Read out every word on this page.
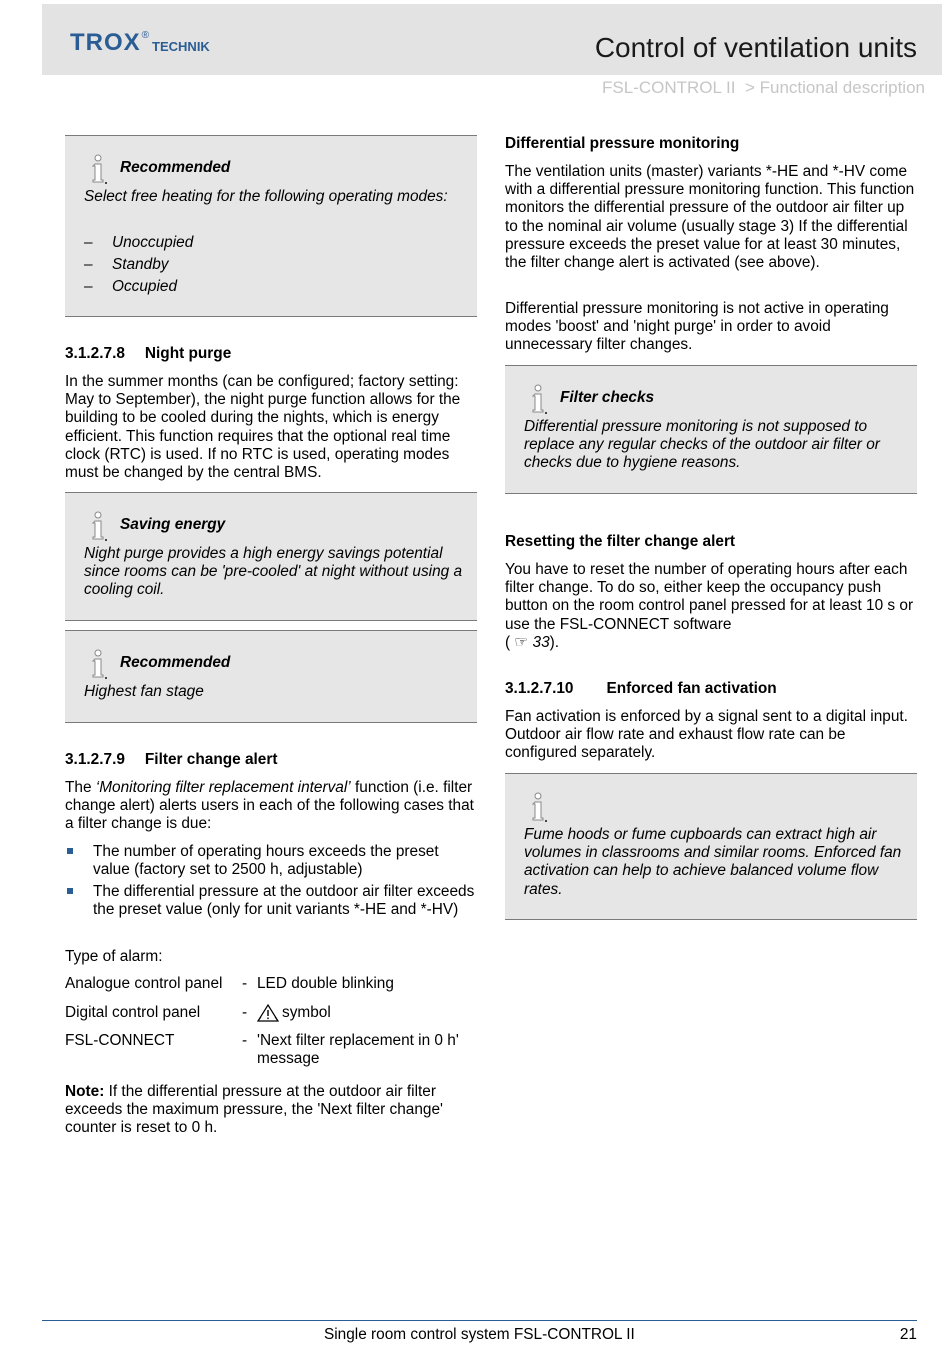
TROX ®
TECHNIK	Control of ventilation units
FSL-CONTROL II > Functional description
Recommended
Select free heating for the following operating modes:
– Unoccupied
– Standby
– Occupied
3.1.2.7.8 Night purge
In the summer months (can be configured; factory setting: May to September), the night purge function allows for the building to be cooled during the nights, which is energy efficient. This function requires that the optional real time clock (RTC) is used. If no RTC is used, operating modes must be changed by the central BMS.
Saving energy
Night purge provides a high energy savings potential since rooms can be 'pre-cooled' at night without using a cooling coil.
Recommended
Highest fan stage
3.1.2.7.9 Filter change alert
The ‘Monitoring filter replacement interval’ function (i.e. filter change alert) alerts users in each of the following cases that a filter change is due:
The number of operating hours exceeds the preset value (factory set to 2500 h, adjustable)
The differential pressure at the outdoor air filter exceeds the preset value (only for unit variants *-HE and *-HV)
Type of alarm:
Analogue control panel - LED double blinking
Digital control panel	- symbol
FSL-CONNECT	- 'Next filter replacement in 0 h' message
Note: If the differential pressure at the outdoor air filter exceeds the maximum pressure, the 'Next filter change' counter is reset to 0 h.
Differential pressure monitoring
The ventilation units (master) variants *-HE and *-HV come with a differential pressure monitoring function. This function monitors the differential pressure of the outdoor air filter up to the nominal air volume (usually stage 3) If the differential pressure exceeds the preset value for at least 30 minutes, the filter change alert is activated (see above).
Differential pressure monitoring is not active in operating modes 'boost' and 'night purge' in order to avoid unnecessary filter changes.
Filter checks
Differential pressure monitoring is not supposed to replace any regular checks of the outdoor air filter or checks due to hygiene reasons.
Resetting the filter change alert
You have to reset the number of operating hours after each filter change. To do so, either keep the occupancy push button on the room control panel pressed for at least 10 s or use the FSL-CONNECT software
( ☞ 33).
3.1.2.7.10 Enforced fan activation
Fan activation is enforced by a signal sent to a digital input. Outdoor air flow rate and exhaust flow rate can be configured separately.
Fume hoods or fume cupboards can extract high air volumes in classrooms and similar rooms. Enforced fan activation can help to achieve balanced volume flow rates.
Single room control system FSL-CONTROL II	21
